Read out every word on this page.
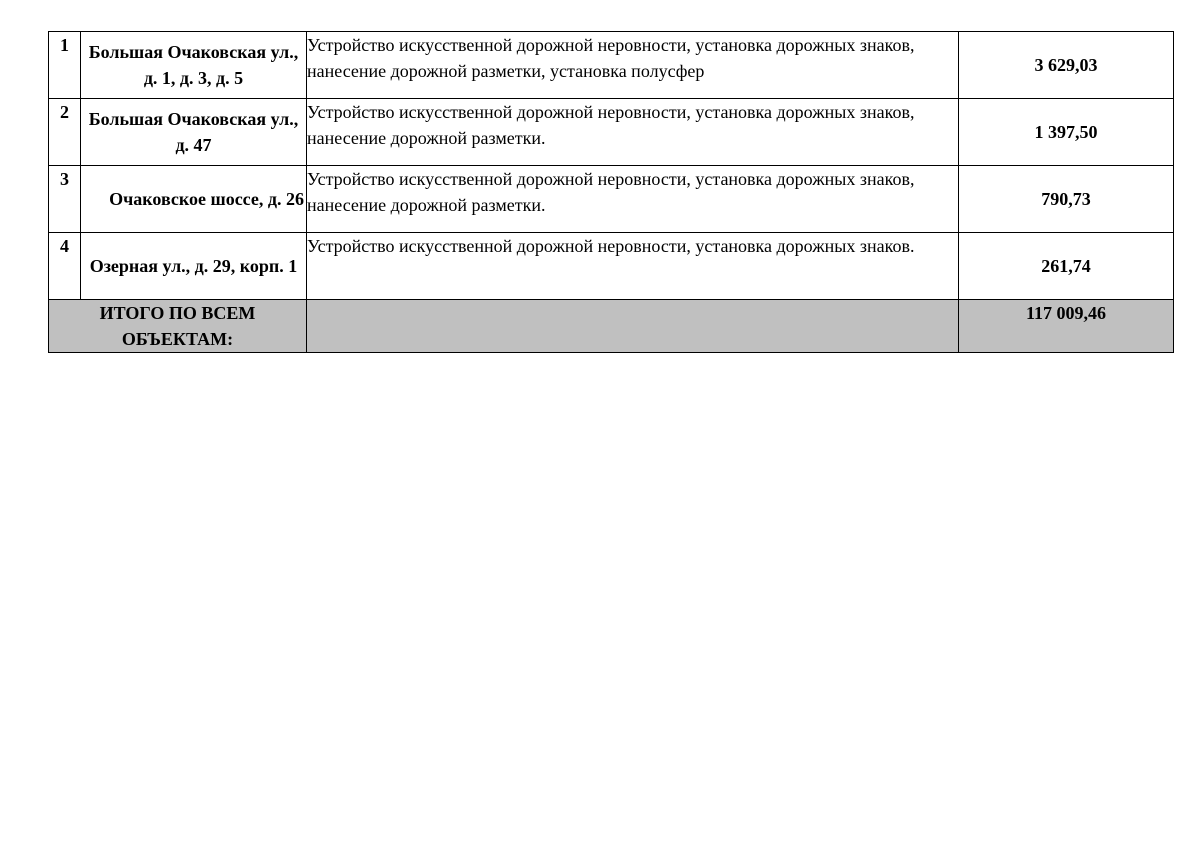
1	Большая Очаковская ул., д. 1, д. 3, д. 5	Устройство искусственной дорожной неровности, установка дорожных знаков, нанесение дорожной разметки, установка полусфер	3 629,03
2	Большая Очаковская ул., д. 47	Устройство искусственной дорожной неровности, установка дорожных знаков, нанесение дорожной разметки.	1 397,50
3	Очаковское шоссе, д. 26	Устройство искусственной дорожной неровности, установка дорожных знаков, нанесение дорожной разметки.	790,73
4	Озерная ул., д. 29, корп. 1	Устройство искусственной дорожной неровности, установка дорожных знаков.	261,74
ИТОГО ПО ВСЕМ ОБЪЕКТАМ:			117 009,46
